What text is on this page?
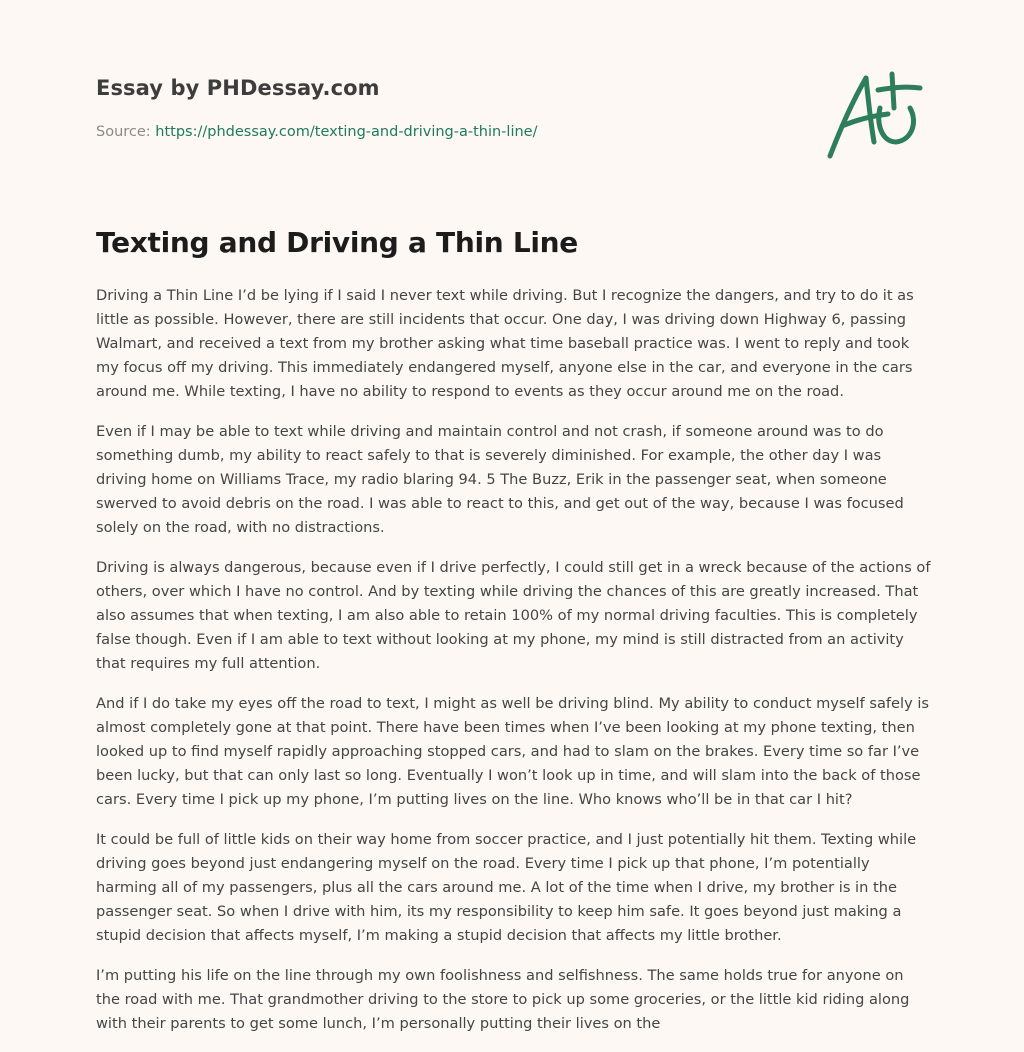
Essay by PHDessay.com

Source: https://phdessay.com/texting-and-driving-a-thin-line/

Texting and Driving a Thin Line

Driving a Thin Line I’d be lying if I said I never text while driving. But I recognize the dangers, and try to do it as little as possible. However, there are still incidents that occur. One day, I was driving down Highway 6, passing Walmart, and received a text from my brother asking what time baseball practice was. I went to reply and took my focus off my driving. This immediately endangered myself, anyone else in the car, and everyone in the cars around me. While texting, I have no ability to respond to events as they occur around me on the road.

Even if I may be able to text while driving and maintain control and not crash, if someone around was to do something dumb, my ability to react safely to that is severely diminished. For example, the other day I was driving home on Williams Trace, my radio blaring 94. 5 The Buzz, Erik in the passenger seat, when someone swerved to avoid debris on the road. I was able to react to this, and get out of the way, because I was focused solely on the road, with no distractions.

Driving is always dangerous, because even if I drive perfectly, I could still get in a wreck because of the actions of others, over which I have no control. And by texting while driving the chances of this are greatly increased. That also assumes that when texting, I am also able to retain 100% of my normal driving faculties. This is completely false though. Even if I am able to text without looking at my phone, my mind is still distracted from an activity that requires my full attention.

And if I do take my eyes off the road to text, I might as well be driving blind. My ability to conduct myself safely is almost completely gone at that point. There have been times when I’ve been looking at my phone texting, then looked up to find myself rapidly approaching stopped cars, and had to slam on the brakes. Every time so far I’ve been lucky, but that can only last so long. Eventually I won’t look up in time, and will slam into the back of those cars. Every time I pick up my phone, I’m putting lives on the line. Who knows who’ll be in that car I hit?

It could be full of little kids on their way home from soccer practice, and I just potentially hit them. Texting while driving goes beyond just endangering myself on the road. Every time I pick up that phone, I’m potentially harming all of my passengers, plus all the cars around me. A lot of the time when I drive, my brother is in the passenger seat. So when I drive with him, its my responsibility to keep him safe. It goes beyond just making a stupid decision that affects myself, I’m making a stupid decision that affects my little brother.

I’m putting his life on the line through my own foolishness and selfishness. The same holds true for anyone on the road with me. That grandmother driving to the store to pick up some groceries, or the little kid riding along with their parents to get some lunch, I’m personally putting their lives on the
